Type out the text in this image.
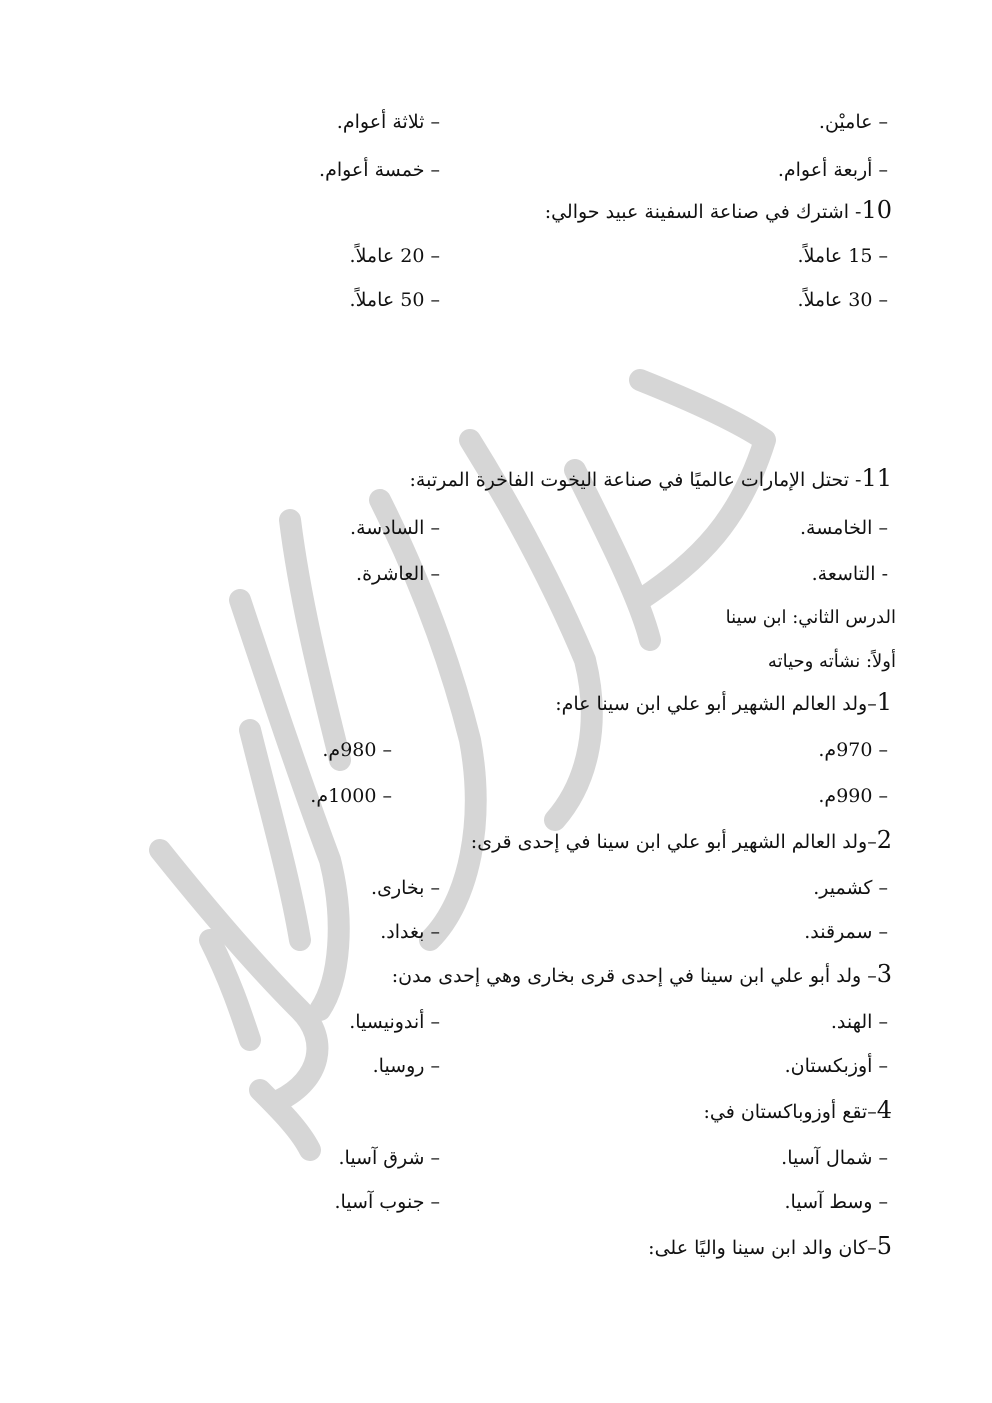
– عاميْن.
– ثلاثة أعوام.
– أربعة أعوام.
– خمسة أعوام.
10- اشترك في صناعة السفينة عبيد حوالي:
– 15 عاملاً.
– 20 عاملاً.
– 30 عاملاً.
– 50 عاملاً.
11- تحتل الإمارات عالميًا في صناعة اليخوت الفاخرة المرتبة:
– الخامسة.
– السادسة.
- التاسعة.
– العاشرة.
الدرس الثاني: ابن سينا
أولاً: نشأته وحياته
1–ولد العالم الشهير أبو علي ابن سينا عام:
– 970م.
– 980م.
– 990م.
– 1000م.
2–ولد العالم الشهير أبو علي ابن سينا في إحدى قرى:
– كشمير.
– بخارى.
– سمرقند.
– بغداد.
3– ولد أبو علي ابن سينا في إحدى قرى بخارى وهي إحدى مدن:
– الهند.
– أندونيسيا.
– أوزبكستان.
– روسيا.
4–تقع أوزوباكستان في:
– شمال آسيا.
– شرق آسيا.
– وسط آسيا.
– جنوب آسيا.
5–كان والد ابن سينا واليًا على:
